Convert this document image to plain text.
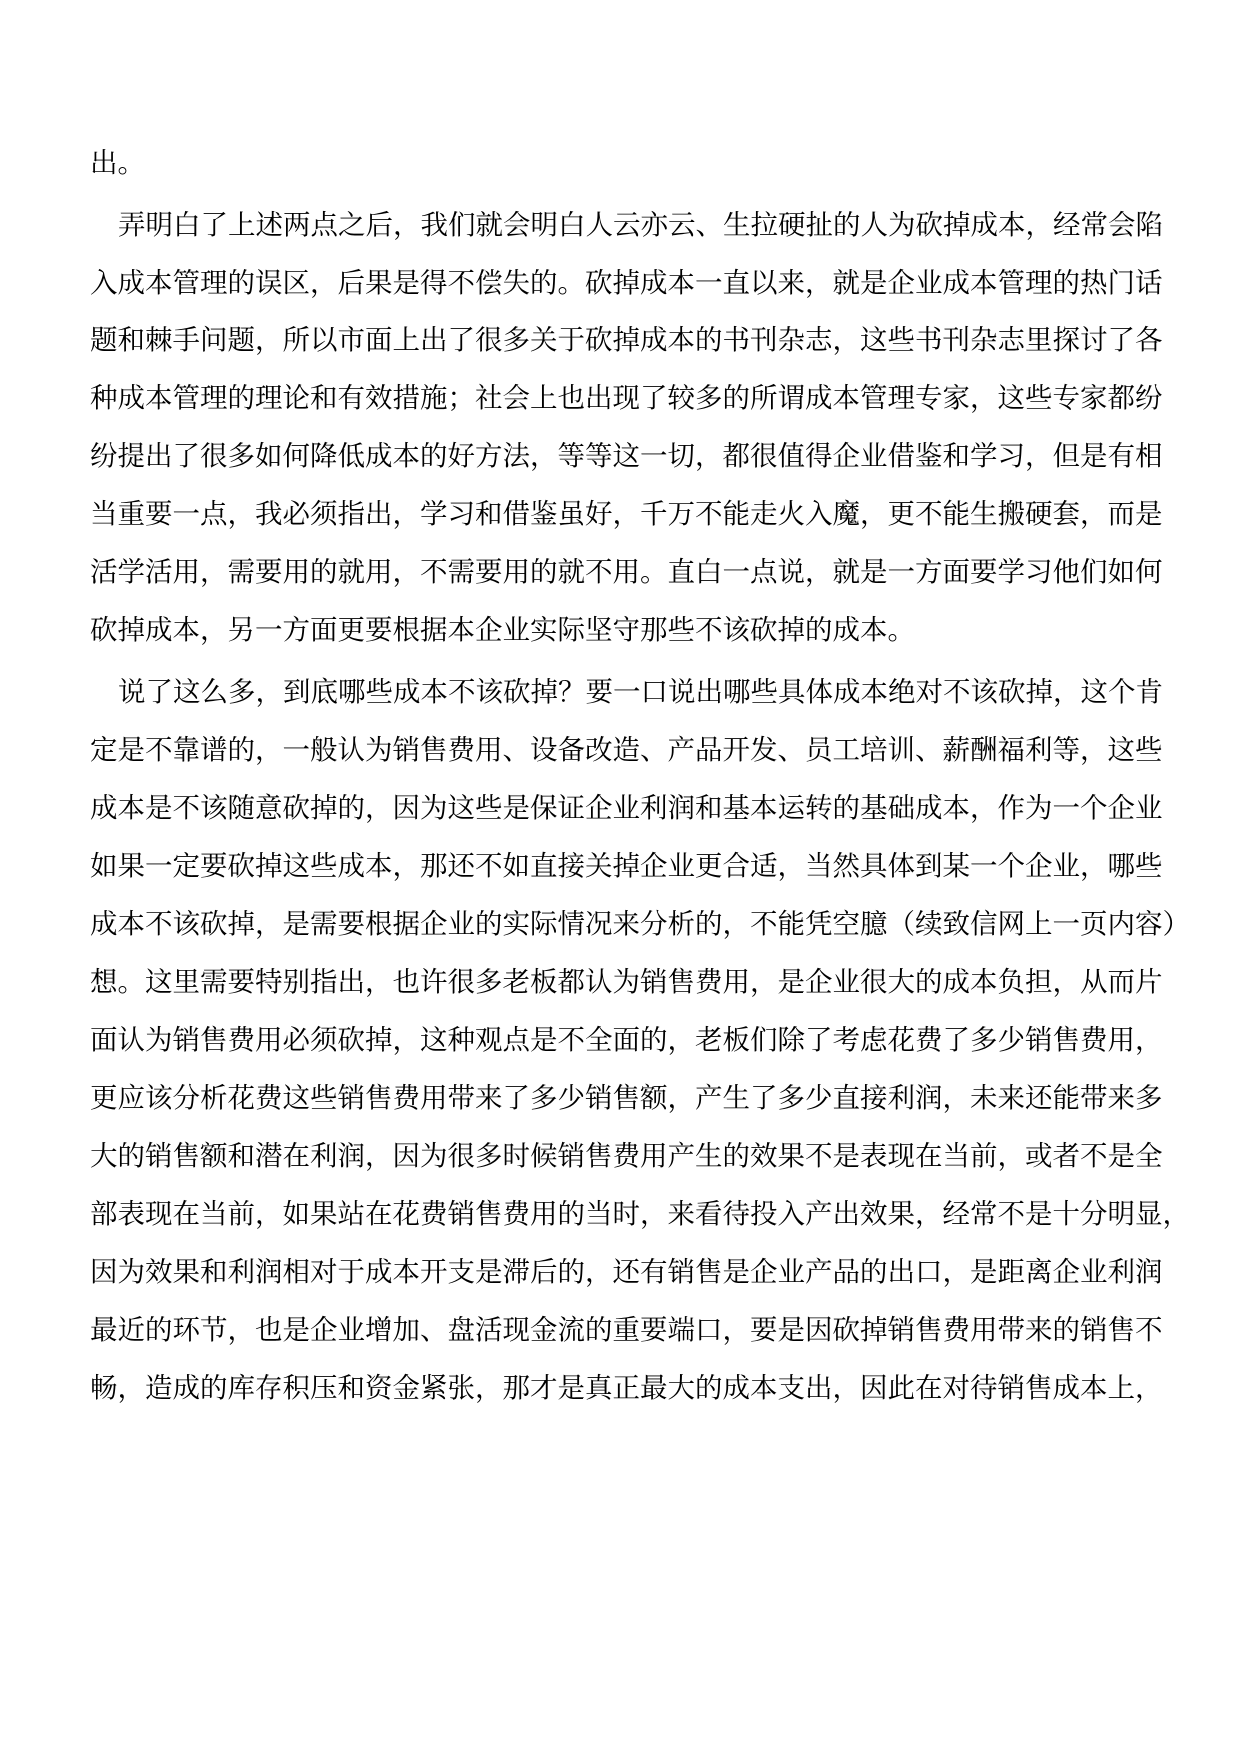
出。
弄明白了上述两点之后，我们就会明白人云亦云、生拉硬扯的人为砍掉成本，经常会陷
入成本管理的误区，后果是得不偿失的。砍掉成本一直以来，就是企业成本管理的热门话
题和棘手问题，所以市面上出了很多关于砍掉成本的书刊杂志，这些书刊杂志里探讨了各
种成本管理的理论和有效措施；社会上也出现了较多的所谓成本管理专家，这些专家都纷
纷提出了很多如何降低成本的好方法，等等这一切，都很值得企业借鉴和学习，但是有相
当重要一点，我必须指出，学习和借鉴虽好，千万不能走火入魔，更不能生搬硬套，而是
活学活用，需要用的就用，不需要用的就不用。直白一点说，就是一方面要学习他们如何
砍掉成本，另一方面更要根据本企业实际坚守那些不该砍掉的成本。
说了这么多，到底哪些成本不该砍掉？要一口说出哪些具体成本绝对不该砍掉，这个肯
定是不靠谱的，一般认为销售费用、设备改造、产品开发、员工培训、薪酬福利等，这些
成本是不该随意砍掉的，因为这些是保证企业利润和基本运转的基础成本，作为一个企业
如果一定要砍掉这些成本，那还不如直接关掉企业更合适，当然具体到某一个企业，哪些
成本不该砍掉，是需要根据企业的实际情况来分析的，不能凭空臆（续致信网上一页内容）
想。这里需要特别指出，也许很多老板都认为销售费用，是企业很大的成本负担，从而片
面认为销售费用必须砍掉，这种观点是不全面的，老板们除了考虑花费了多少销售费用，
更应该分析花费这些销售费用带来了多少销售额，产生了多少直接利润，未来还能带来多
大的销售额和潜在利润，因为很多时候销售费用产生的效果不是表现在当前，或者不是全
部表现在当前，如果站在花费销售费用的当时，来看待投入产出效果，经常不是十分明显，
因为效果和利润相对于成本开支是滞后的，还有销售是企业产品的出口，是距离企业利润
最近的环节，也是企业增加、盘活现金流的重要端口，要是因砍掉销售费用带来的销售不
畅，造成的库存积压和资金紧张，那才是真正最大的成本支出，因此在对待销售成本上，
